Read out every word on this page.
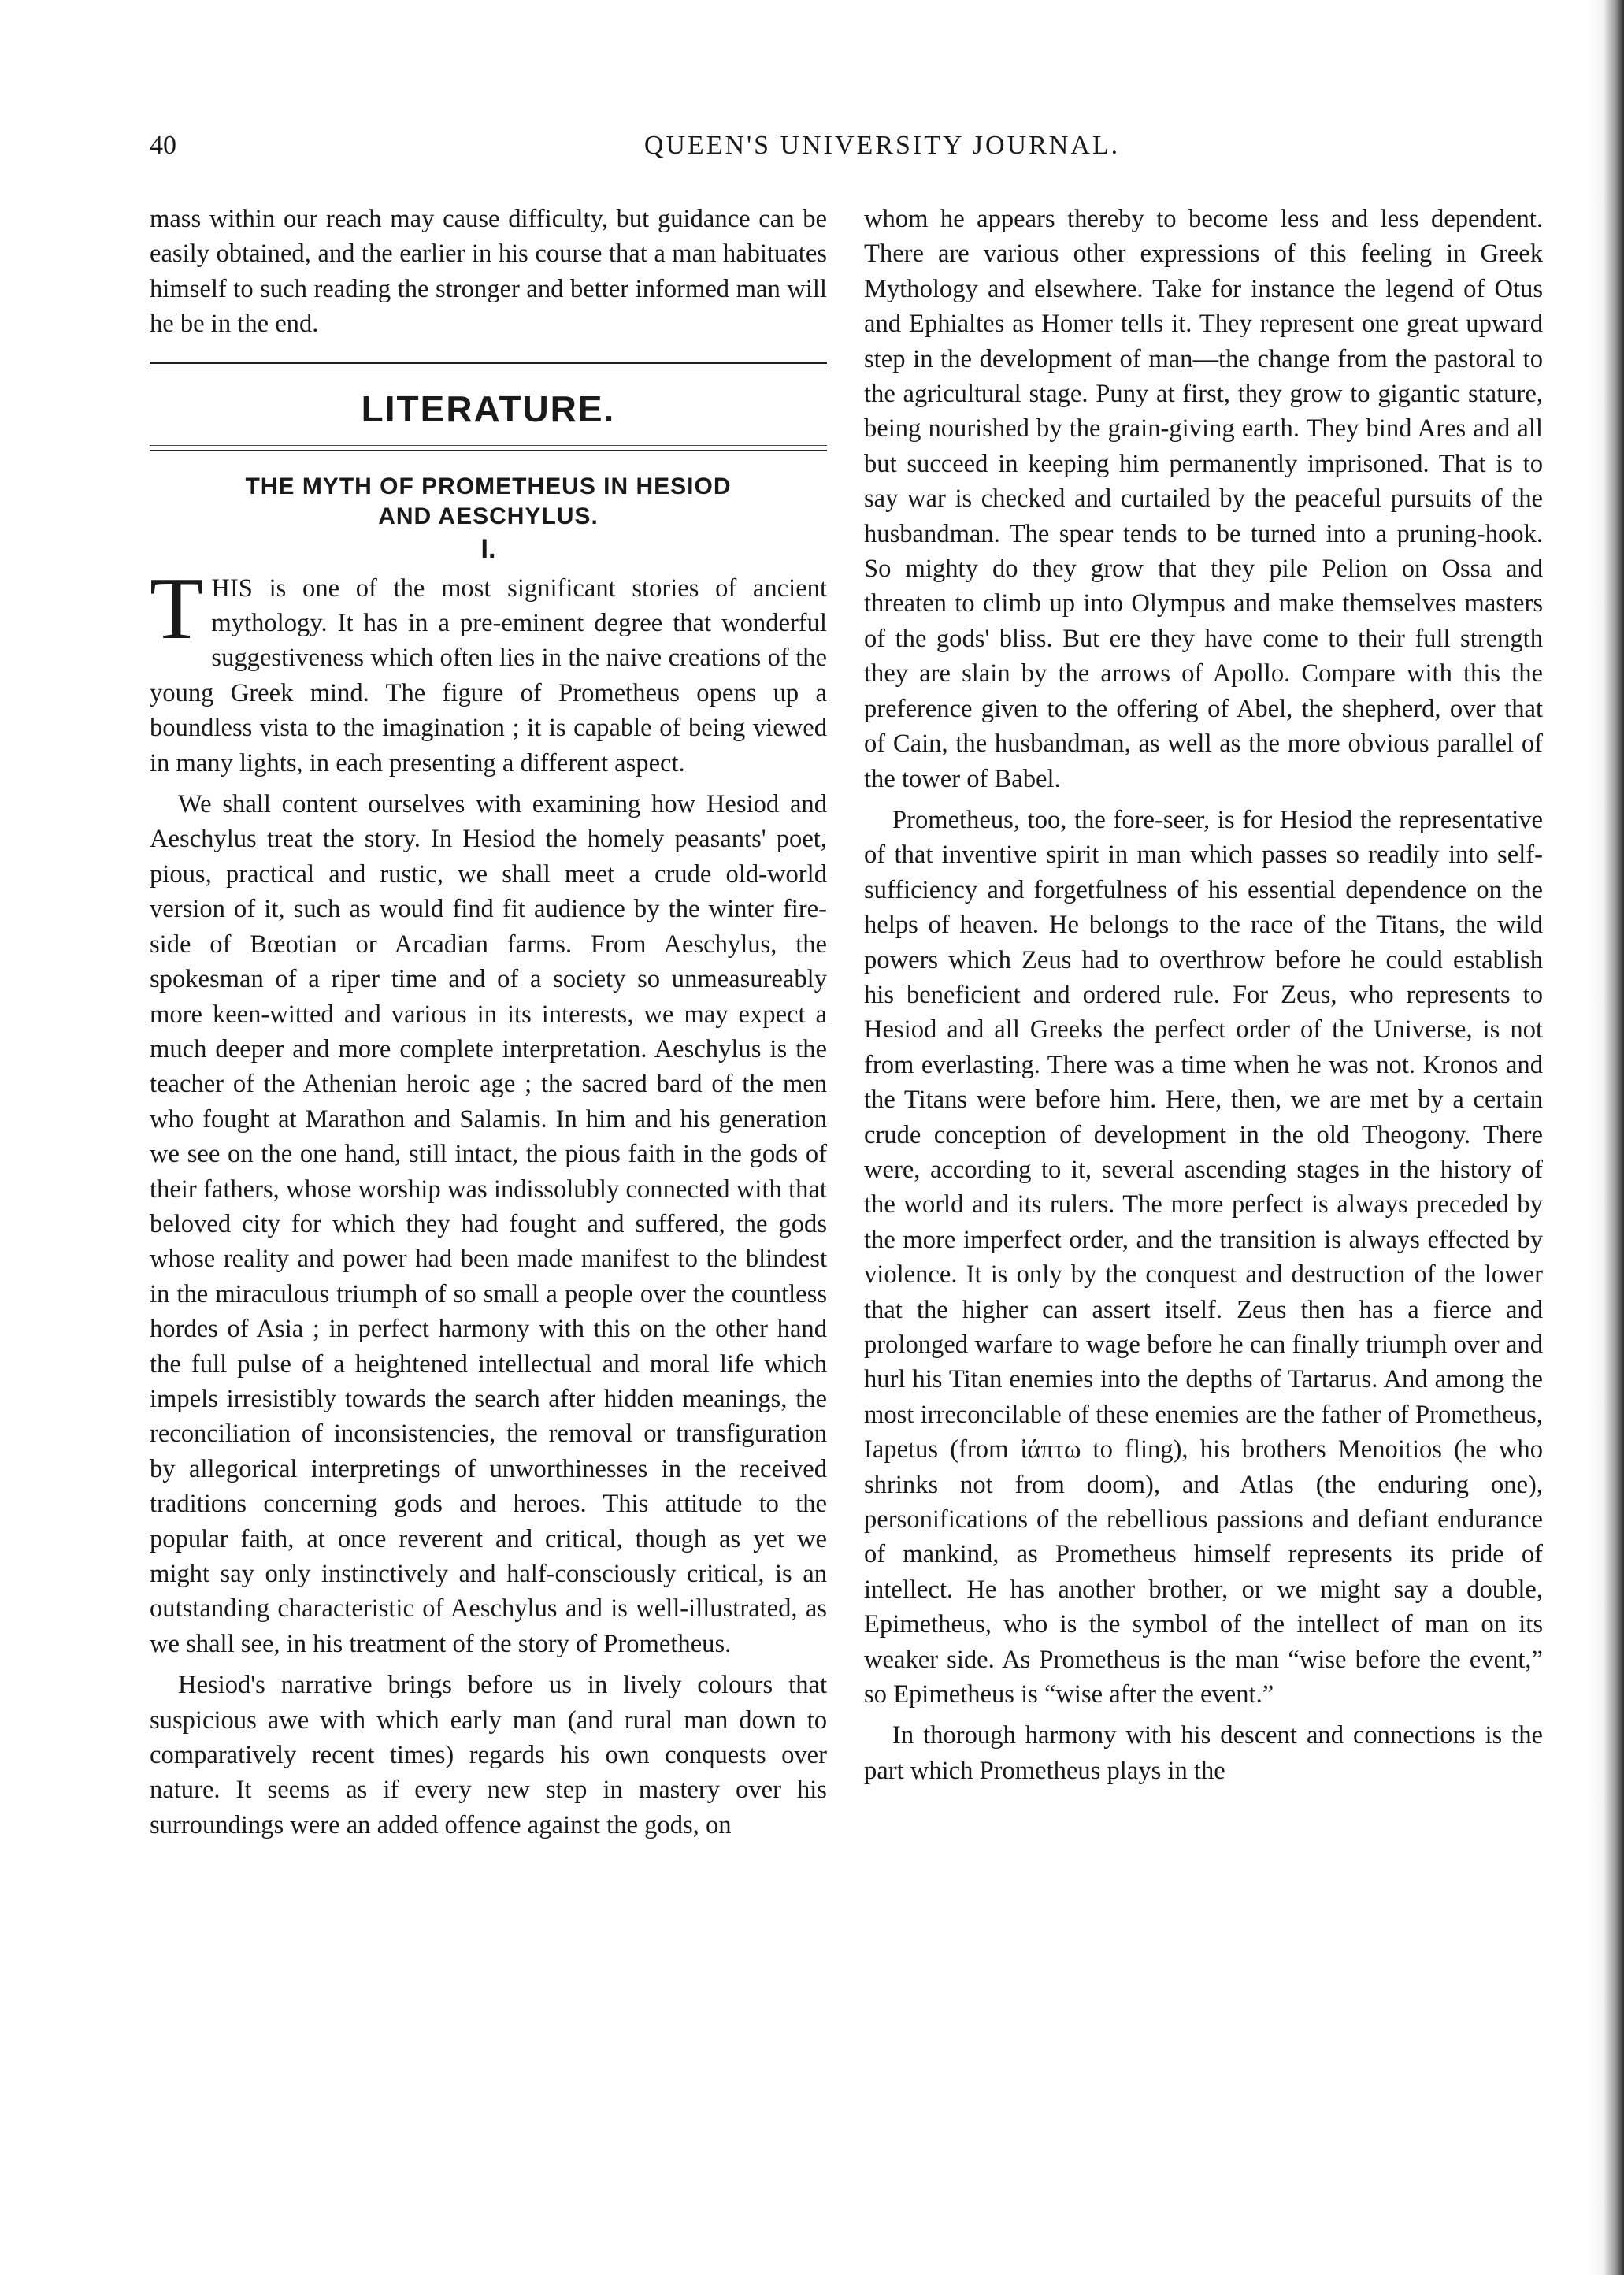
40	QUEEN'S UNIVERSITY JOURNAL.

mass within our reach may cause difficulty, but guidance can be easily obtained, and the earlier in his course that a man habituates himself to such reading the stronger and better informed man will he be in the end.

LITERATURE.
THE MYTH OF PROMETHEUS IN HESIOD
AND AESCHYLUS.

I.

THIS is one of the most significant stories of ancient mythology. It has in a pre-eminent degree that wonderful suggestiveness which often lies in the naive creations of the young Greek mind. The figure of Prometheus opens up a boundless vista to the imagination ; it is capable of being viewed in many lights, in each presenting a different aspect.

We shall content ourselves with examining how Hesiod and Aeschylus treat the story. In Hesiod the homely peasants' poet, pious, practical and rustic, we shall meet a crude old-world version of it, such as would find fit audience by the winter fire-side of Bœotian or Arcadian farms. From Aeschylus, the spokesman of a riper time and of a society so unmeasureably more keen-witted and various in its interests, we may expect a much deeper and more complete interpretation. Aeschylus is the teacher of the Athenian heroic age ; the sacred bard of the men who fought at Marathon and Salamis. In him and his generation we see on the one hand, still intact, the pious faith in the gods of their fathers, whose worship was indissolubly connected with that beloved city for which they had fought and suffered, the gods whose reality and power had been made manifest to the blindest in the miraculous triumph of so small a people over the countless hordes of Asia ; in perfect harmony with this on the other hand the full pulse of a heightened intellectual and moral life which impels irresistibly towards the search after hidden meanings, the reconciliation of inconsistencies, the removal or transfiguration by allegorical interpretings of unworthinesses in the received traditions concerning gods and heroes. This attitude to the popular faith, at once reverent and critical, though as yet we might say only instinctively and half-consciously critical, is an outstanding characteristic of Aeschylus and is well-illustrated, as we shall see, in his treatment of the story of Prometheus.

Hesiod's narrative brings before us in lively colours that suspicious awe with which early man (and rural man down to comparatively recent times) regards his own conquests over nature. It seems as if every new step in mastery over his surroundings were an added offence against the gods, on

whom he appears thereby to become less and less dependent. There are various other expressions of this feeling in Greek Mythology and elsewhere. Take for instance the legend of Otus and Ephialtes as Homer tells it. They represent one great upward step in the development of man—the change from the pastoral to the agricultural stage. Puny at first, they grow to gigantic stature, being nourished by the grain-giving earth. They bind Ares and all but succeed in keeping him permanently imprisoned. That is to say war is checked and curtailed by the peaceful pursuits of the husbandman. The spear tends to be turned into a pruning-hook. So mighty do they grow that they pile Pelion on Ossa and threaten to climb up into Olympus and make themselves masters of the gods' bliss. But ere they have come to their full strength they are slain by the arrows of Apollo. Compare with this the preference given to the offering of Abel, the shepherd, over that of Cain, the husbandman, as well as the more obvious parallel of the tower of Babel.

Prometheus, too, the fore-seer, is for Hesiod the representative of that inventive spirit in man which passes so readily into self-sufficiency and forgetfulness of his essential dependence on the helps of heaven. He belongs to the race of the Titans, the wild powers which Zeus had to overthrow before he could establish his beneficient and ordered rule. For Zeus, who represents to Hesiod and all Greeks the perfect order of the Universe, is not from everlasting. There was a time when he was not. Kronos and the Titans were before him. Here, then, we are met by a certain crude conception of development in the old Theogony. There were, according to it, several ascending stages in the history of the world and its rulers. The more perfect is always preceded by the more imperfect order, and the transition is always effected by violence. It is only by the conquest and destruction of the lower that the higher can assert itself. Zeus then has a fierce and prolonged warfare to wage before he can finally triumph over and hurl his Titan enemies into the depths of Tartarus. And among the most irreconcilable of these enemies are the father of Prometheus, Iapetus (from ἰάπτω to fling), his brothers Menoitios (he who shrinks not from doom), and Atlas (the enduring one), personifications of the rebellious passions and defiant endurance of mankind, as Prometheus himself represents its pride of intellect. He has another brother, or we might say a double, Epimetheus, who is the symbol of the intellect of man on its weaker side. As Prometheus is the man “wise before the event,” so Epimetheus is “wise after the event.”

In thorough harmony with his descent and connections is the part which Prometheus plays in the
